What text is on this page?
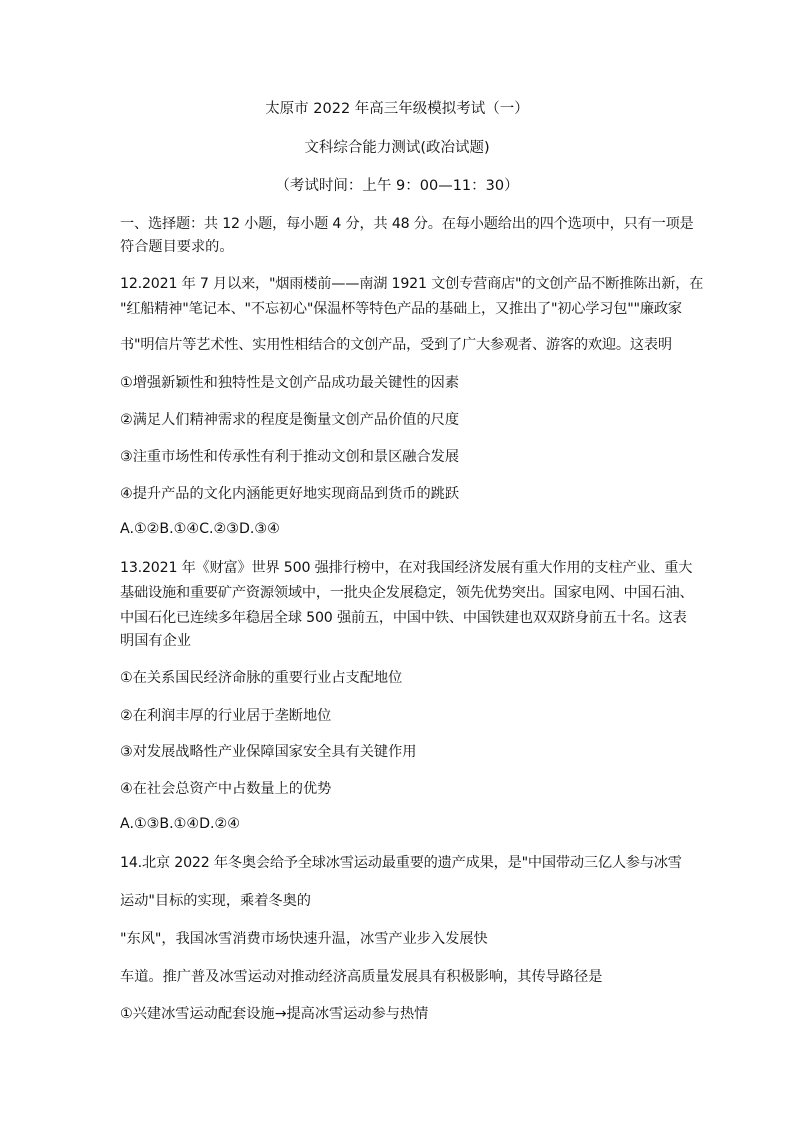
太原市 2022 年高三年级模拟考试（一）
文科综合能力测试(政冶试题)
（考试时间：上午 9：00—11：30）
一、选择题：共 12 小题，每小题 4 分，共 48 分。在每小题给出的四个选项中，只有一项是
符合题目要求的。
12.2021 年 7 月以来，"烟雨楼前——南湖 1921 文创专营商店"的文创产品不断推陈出新，在
"红船精神"笔记本、"不忘初心"保温杯等特色产品的基础上，又推出了"初心学习包""廉政家
书"明信片等艺术性、实用性相结合的文创产品，受到了广大参观者、游客的欢迎。这表明
①增强新颖性和独特性是文创产品成功最关键性的因素
②满足人们精神需求的程度是衡量文创产品价值的尺度
③注重市场性和传承性有利于推动文创和景区融合发展
④提升产品的文化内涵能更好地实现商品到货币的跳跃
A.①②B.①④C.②③D.③④
13.2021 年《财富》世界 500 强排行榜中，在对我国经济发展有重大作用的支柱产业、重大
基础设施和重要矿产资源领域中，一批央企发展稳定，领先优势突出。国家电网、中国石油、
中国石化已连续多年稳居全球 500 强前五，中国中铁、中国铁建也双双跻身前五十名。这表
明国有企业
①在关系国民经济命脉的重要行业占支配地位
②在利润丰厚的行业居于垄断地位
③对发展战略性产业保障国家安全具有关键作用
④在社会总资产中占数量上的优势
A.①③B.①④D.②④
14.北京 2022 年冬奥会给予全球冰雪运动最重要的遗产成果，是"中国带动三亿人参与冰雪
运动"目标的实现，乘着冬奥的
"东风"，我国冰雪消费市场快速升温，冰雪产业步入发展快
车道。推广普及冰雪运动对推动经济高质量发展具有积极影响，其传导路径是
①兴建冰雪运动配套设施→提高冰雪运动参与热情
